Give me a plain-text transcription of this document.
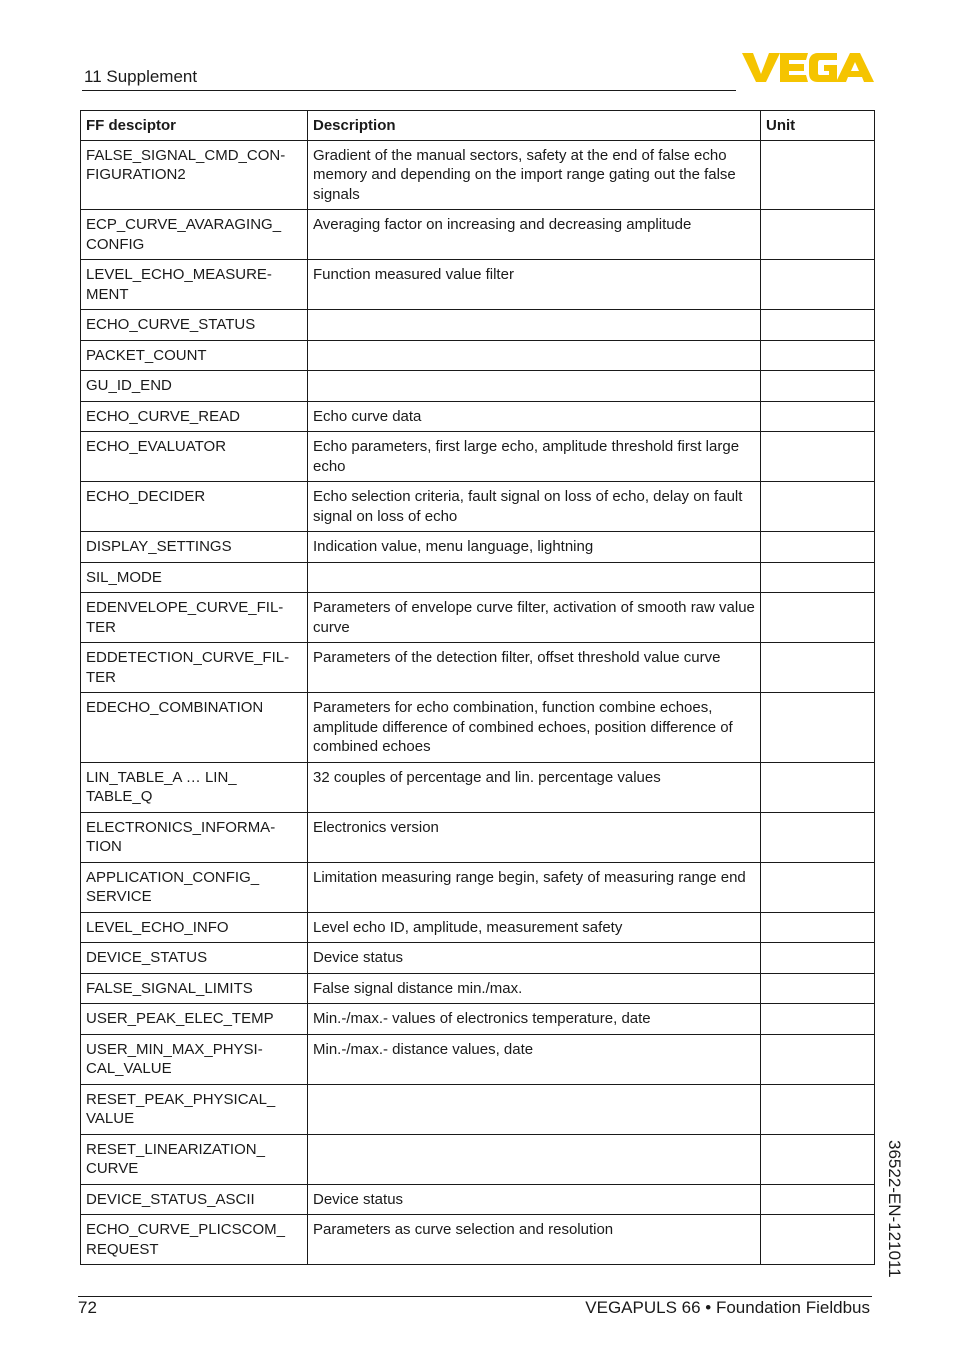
11 Supplement
FF desciptor	Description	Unit
FALSE_SIGNAL_CMD_CON-FIGURATION2	Gradient of the manual sectors, safety at the end of false echo memory and depending on the import range gating out the false signals	
ECP_CURVE_AVARAGING_ CONFIG	Averaging factor on increasing and decreasing amplitude	
LEVEL_ECHO_MEASURE-MENT	Function measured value filter	
ECHO_CURVE_STATUS		
PACKET_COUNT		
GU_ID_END		
ECHO_CURVE_READ	Echo curve data	
ECHO_EVALUATOR	Echo parameters, first large echo, amplitude threshold first large echo	
ECHO_DECIDER	Echo selection criteria, fault signal on loss of echo, delay on fault signal on loss of echo	
DISPLAY_SETTINGS	Indication value, menu language, lightning	
SIL_MODE		
EDENVELOPE_CURVE_FIL-TER	Parameters of envelope curve filter, activation of smooth raw value curve	
EDDETECTION_CURVE_FIL-TER	Parameters of the detection filter, offset threshold value curve	
EDECHO_COMBINATION	Parameters for echo combination, function combine echoes, amplitude difference of combined echoes, position difference of combined echoes	
LIN_TABLE_A … LIN_ TABLE_Q	32 couples of percentage and lin. percentage values	
ELECTRONICS_INFORMA-TION	Electronics version	
APPLICATION_CONFIG_ SERVICE	Limitation measuring range begin, safety of measuring range end	
LEVEL_ECHO_INFO	Level echo ID, amplitude, measurement safety	
DEVICE_STATUS	Device status	
FALSE_SIGNAL_LIMITS	False signal distance min./max.	
USER_PEAK_ELEC_TEMP	Min.-/max.- values of electronics temperature, date	
USER_MIN_MAX_PHYSI-CAL_VALUE	Min.-/max.- distance values, date	
RESET_PEAK_PHYSICAL_ VALUE		
RESET_LINEARIZATION_ CURVE		
DEVICE_STATUS_ASCII	Device status	
ECHO_CURVE_PLICSCOM_ REQUEST	Parameters as curve selection and resolution		36522-EN-121011
72	VEGAPULS 66 • Foundation Fieldbus
